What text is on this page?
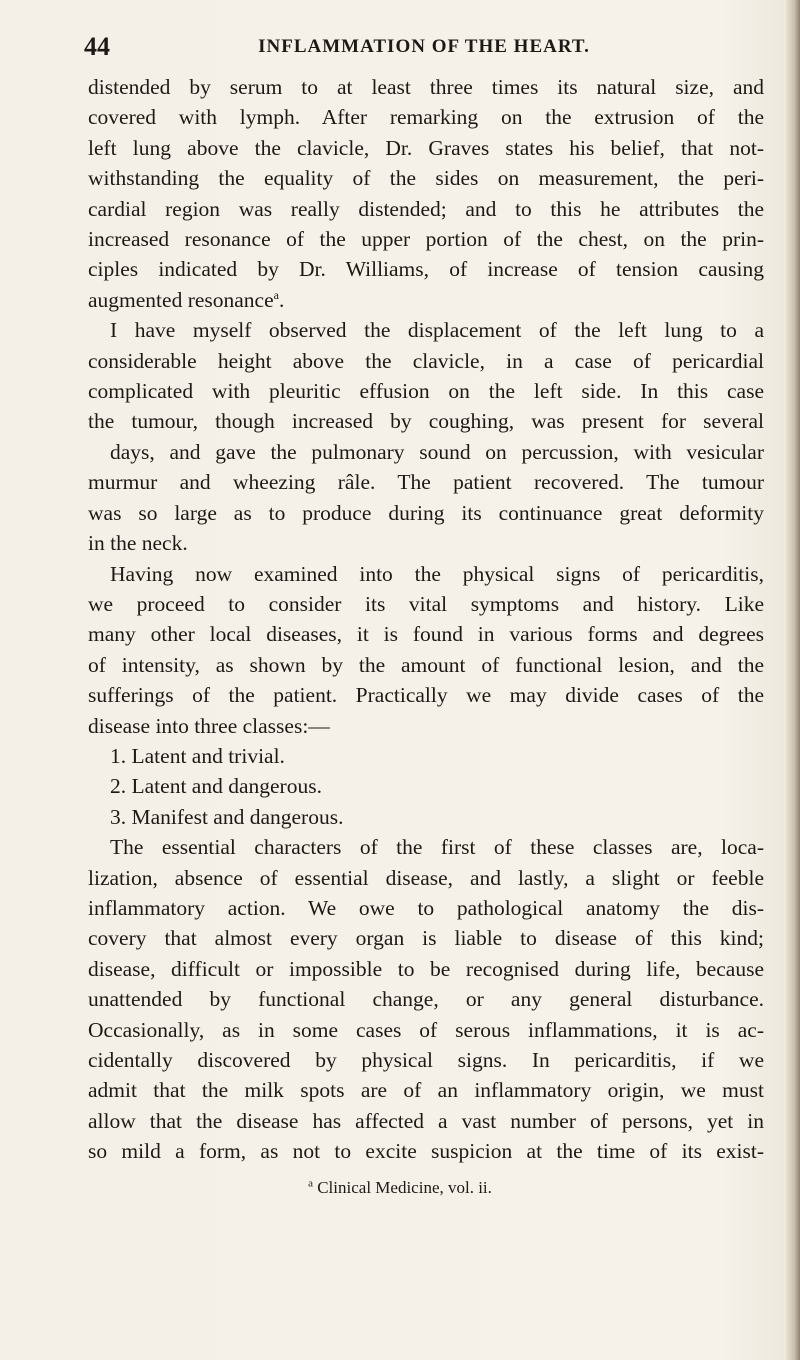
44	INFLAMMATION OF THE HEART.
distended by serum to at least three times its natural size, and
covered with lymph. After remarking on the extrusion of the
left lung above the clavicle, Dr. Graves states his belief, that not-
withstanding the equality of the sides on measurement, the peri-
cardial region was really distended; and to this he attributes the
increased resonance of the upper portion of the chest, on the prin-
ciples indicated by Dr. Williams, of increase of tension causing
augmented resonance$^a$.
I have myself observed the displacement of the left lung to a
considerable height above the clavicle, in a case of pericardial
complicated with pleuritic effusion on the left side. In this case
the tumour, though increased by coughing, was present for several
days, and gave the pulmonary sound on percussion, with vesicular
murmur and wheezing râle. The patient recovered. The tumour
was so large as to produce during its continuance great deformity
in the neck.
Having now examined into the physical signs of pericarditis,
we proceed to consider its vital symptoms and history. Like
many other local diseases, it is found in various forms and degrees
of intensity, as shown by the amount of functional lesion, and the
sufferings of the patient. Practically we may divide cases of the
disease into three classes:—
1. Latent and trivial.
2. Latent and dangerous.
3. Manifest and dangerous.
The essential characters of the first of these classes are, loca-
lization, absence of essential disease, and lastly, a slight or feeble
inflammatory action. We owe to pathological anatomy the dis-
covery that almost every organ is liable to disease of this kind;
disease, difficult or impossible to be recognised during life, because
unattended by functional change, or any general disturbance.
Occasionally, as in some cases of serous inflammations, it is ac-
cidentally discovered by physical signs. In pericarditis, if we
admit that the milk spots are of an inflammatory origin, we must
allow that the disease has affected a vast number of persons, yet in
so mild a form, as not to excite suspicion at the time of its exist-
$^a$ Clinical Medicine, vol. ii.
